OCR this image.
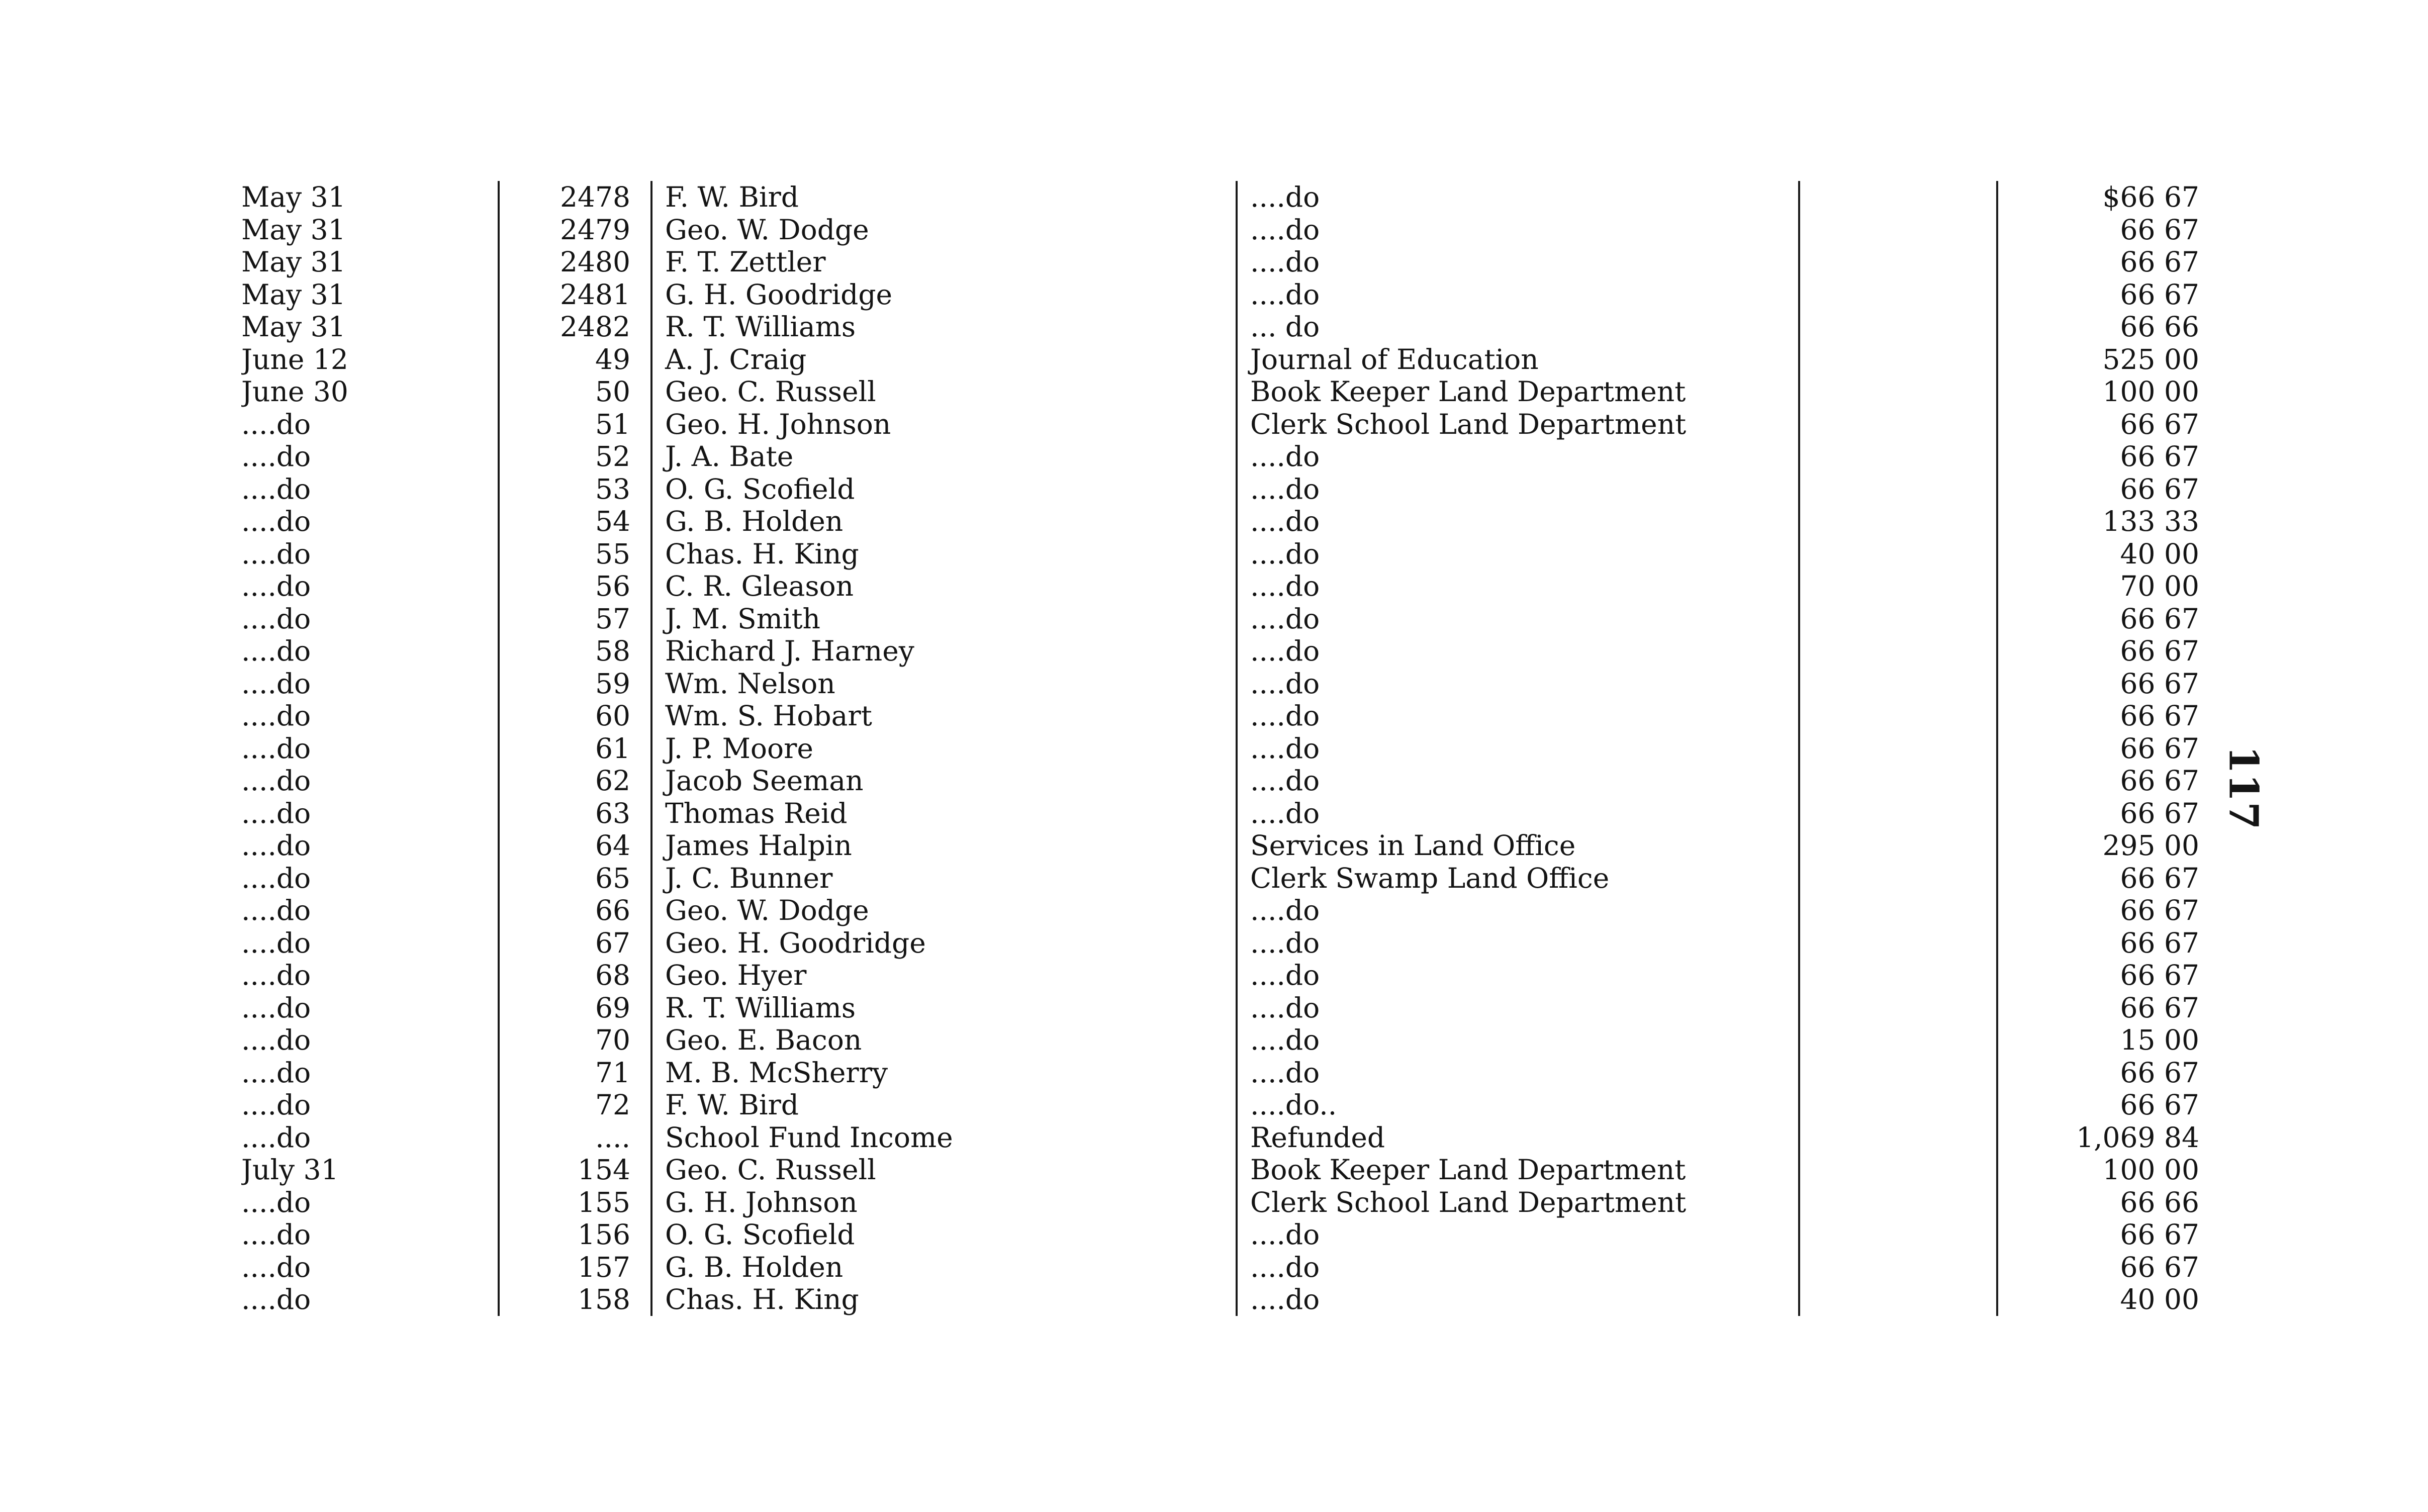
May 31	2478	F. W. Bird	....do		$66 67
May 31	2479	Geo. W. Dodge	....do		66 67
May 31	2480	F. T. Zettler	....do		66 67
May 31	2481	G. H. Goodridge	....do		66 67
May 31	2482	R. T. Williams	... do		66 66
June 12	49	A. J. Craig	Journal of Education		525 00
June 30	50	Geo. C. Russell	Book Keeper Land Department		100 00
....do	51	Geo. H. Johnson	Clerk School Land Department		66 67
....do	52	J. A. Bate	....do		66 67
....do	53	O. G. Scofield	....do		66 67
....do	54	G. B. Holden	....do		133 33
....do	55	Chas. H. King	....do		40 00
....do	56	C. R. Gleason	....do		70 00
....do	57	J. M. Smith	....do		66 67
....do	58	Richard J. Harney	....do		66 67
....do	59	Wm. Nelson	....do		66 67
....do	60	Wm. S. Hobart	....do		66 67
....do	61	J. P. Moore	....do		66 67
....do	62	Jacob Seeman	....do		66 67
....do	63	Thomas Reid	....do		66 67
....do	64	James Halpin	Services in Land Office		295 00
....do	65	J. C. Bunner	Clerk Swamp Land Office		66 67
....do	66	Geo. W. Dodge	....do		66 67
....do	67	Geo. H. Goodridge	....do		66 67
....do	68	Geo. Hyer	....do		66 67
....do	69	R. T. Williams	....do		66 67
....do	70	Geo. E. Bacon	....do		15 00
....do	71	M. B. McSherry	....do		66 67
....do	72	F. W. Bird	....do..		66 67
....do	....	School Fund Income	Refunded		1,069 84
July 31	154	Geo. C. Russell	Book Keeper Land Department		100 00
....do	155	G. H. Johnson	Clerk School Land Department		66 66
....do	156	O. G. Scofield	....do		66 67
....do	157	G. B. Holden	....do		66 67
....do	158	Chas. H. King	....do		40 00
117
